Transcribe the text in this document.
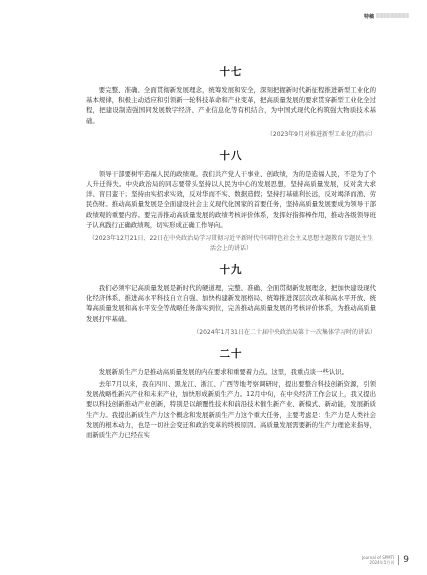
特稿 ▒▒▒▒▒▒▒▒▒
十七

要完整、准确、全面贯彻新发展理念，统筹发展和安全，深刻把握新时代新征程推进新型工业化的基本规律，积极主动适应和引领新一轮科技革命和产业变革，把高质量发展的要求贯穿新型工业化全过程，把建设制造强国同发展数字经济、产业信息化等有机结合，为中国式现代化构筑强大物质技术基础。

（2023年9月对推进新型工业化的指示）
十八

领导干部要树牢造福人民的政绩观。我们共产党人干事业、创政绩，为的是造福人民，不是为了个人升迁得失。中央政治局的同志要带头坚持以人民为中心的发展思想，坚持高质量发展，反对贪大求洋、盲目蛮干；坚持由实招求实效，反对华而不实、数据造假；坚持打基础利长远，反对竭泽而渔、劳民伤财。推动高质量发展是全面建设社会主义现代化国家的首要任务，坚持高质量发展要成为领导干部政绩观的重要内容。要完善推动高质量发展的政绩考核评价体系，发挥好指挥棒作用，推动各级领导班子认真践行正确政绩观，切实形成正确工作导向。

（2023年12月21日、22日在中央政治局学习贯彻习近平新时代中国特色社会主义思想主题教育专题民主生活会上的讲话）
十九

我们必须牢记高质量发展是新时代的硬道理，完整、准确、全面贯彻新发展理念，把加快建设现代化经济体系、推进高水平科技自立自强、加快构建新发展格局、统筹推进深层次改革和高水平开放、统筹高质量发展和高水平安全等战略任务落实到位，完善推动高质量发展的考核评价体系，为推动高质量发展打牢基础。

（2024年1月31日在二十届中央政治局第十一次集体学习时的讲话）
二十

发展新质生产力是推动高质量发展的内在要求和重要着力点。这里，我重点谈一些认识。

去年7月以来，我在四川、黑龙江、浙江、广西等地考察调研时，提出要整合科技创新资源，引领发展战略性新兴产业和未来产业，加快形成新质生产力。12月中旬，在中央经济工作会议上，我又提出要以科技创新推动产业创新，特别是以颠覆性技术和前沿技术催生新产业、新模式、新动能，发展新质生产力。我提出新质生产力这个概念和发展新质生产力这个重大任务，主要考虑是：生产力是人类社会发展的根本动力，也是一切社会变迁和政治变革的终极原因。高质量发展需要新的生产力理论来指导，而新质生产力已经在实

Journal of SPMTI
2024年5月刊 9
